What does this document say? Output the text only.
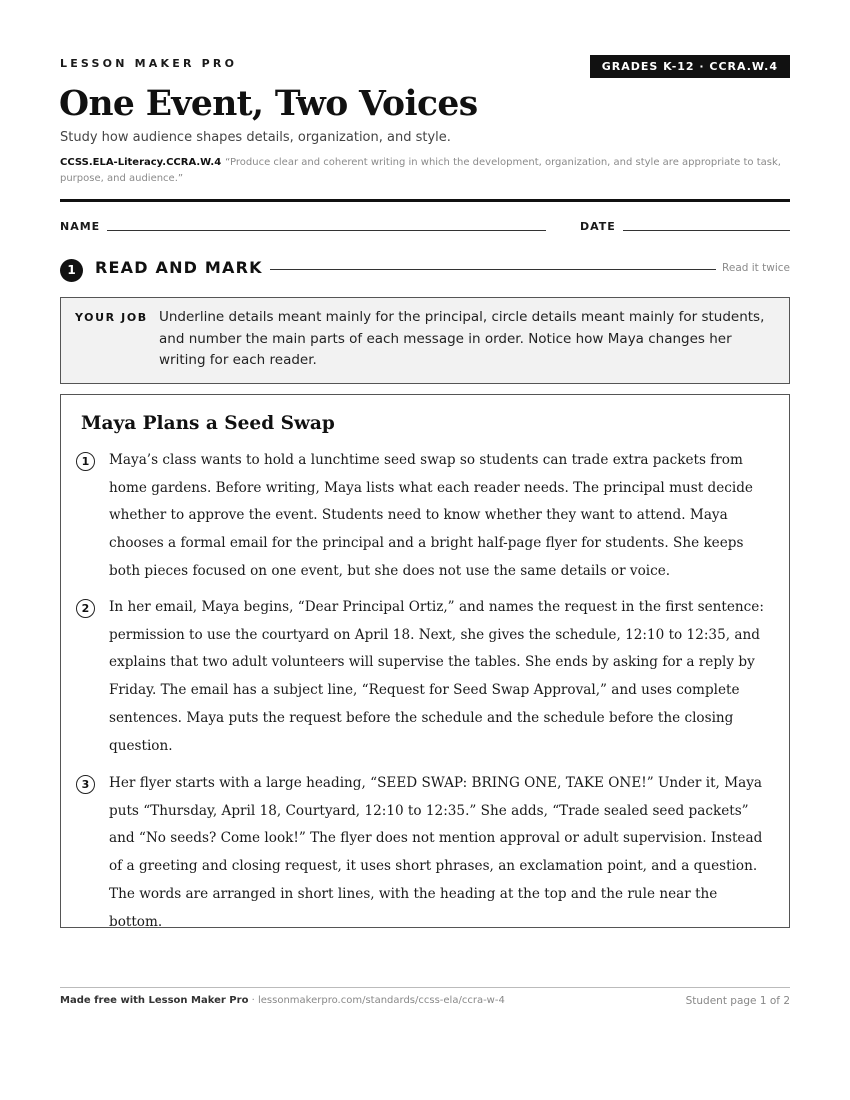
LESSON MAKER PRO	GRADES K-12 · CCRA.W.4
One Event, Two Voices
Study how audience shapes details, organization, and style.
CCSS.ELA-Literacy.CCRA.W.4 “Produce clear and coherent writing in which the development, organization, and style are appropriate to task, purpose, and audience.”
NAME	DATE
1	READ AND MARK	Read it twice
YOUR JOB Underline details meant mainly for the principal, circle details meant mainly for students, and number the main parts of each message in order. Notice how Maya changes her writing for each reader.
Maya Plans a Seed Swap
1	Maya’s class wants to hold a lunchtime seed swap so students can trade extra packets from home gardens. Before writing, Maya lists what each reader needs. The principal must decide whether to approve the event. Students need to know whether they want to attend. Maya chooses a formal email for the principal and a bright half-page flyer for students. She keeps both pieces focused on one event, but she does not use the same details or voice.
2	In her email, Maya begins, “Dear Principal Ortiz,” and names the request in the first sentence: permission to use the courtyard on April 18. Next, she gives the schedule, 12:10 to 12:35, and explains that two adult volunteers will supervise the tables. She ends by asking for a reply by Friday. The email has a subject line, “Request for Seed Swap Approval,” and uses complete sentences. Maya puts the request before the schedule and the schedule before the closing question.
3	Her flyer starts with a large heading, “SEED SWAP: BRING ONE, TAKE ONE!” Under it, Maya puts “Thursday, April 18, Courtyard, 12:10 to 12:35.” She adds, “Trade sealed seed packets” and “No seeds? Come look!” The flyer does not mention approval or adult supervision. Instead of a greeting and closing request, it uses short phrases, an exclamation point, and a question. The words are arranged in short lines, with the heading at the top and the rule near the bottom.
Made free with Lesson Maker Pro · lessonmakerpro.com/standards/ccss-ela/ccra-w-4	Student page 1 of 2
